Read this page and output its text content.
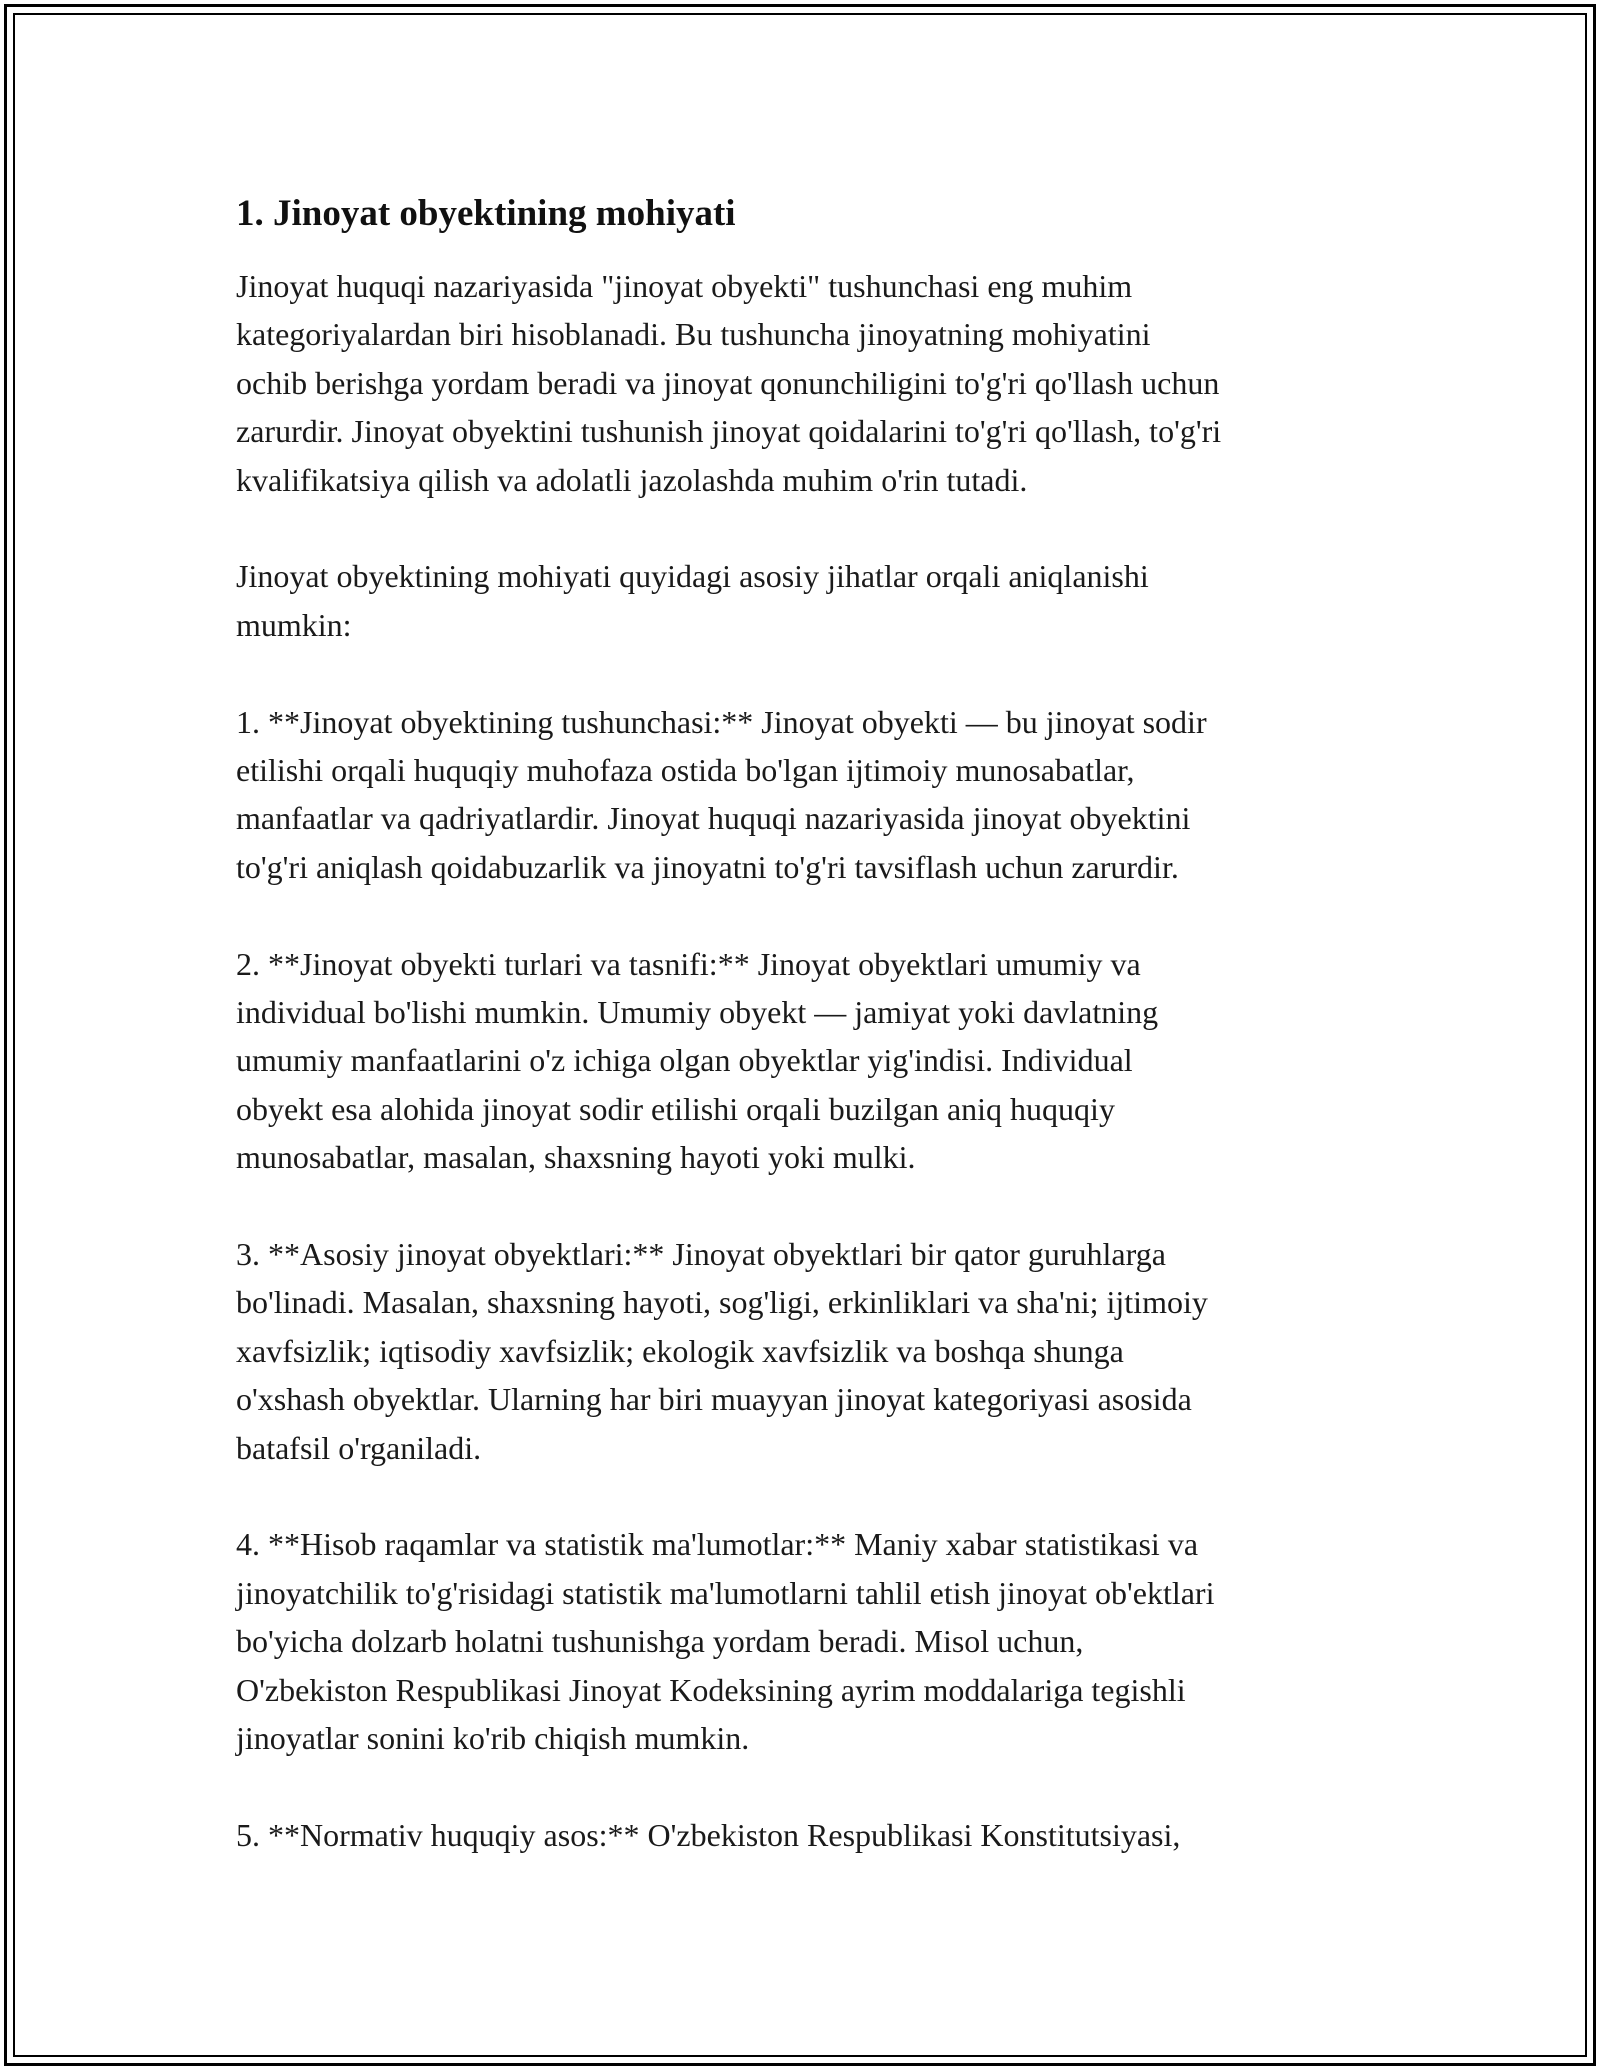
1. Jinoyat obyektining mohiyati

Jinoyat huquqi nazariyasida "jinoyat obyekti" tushunchasi eng muhim
kategoriyalardan biri hisoblanadi. Bu tushuncha jinoyatning mohiyatini
ochib berishga yordam beradi va jinoyat qonunchiligini to'g'ri qo'llash uchun
zarurdir. Jinoyat obyektini tushunish jinoyat qoidalarini to'g'ri qo'llash, to'g'ri
kvalifikatsiya qilish va adolatli jazolashda muhim o'rin tutadi.

Jinoyat obyektining mohiyati quyidagi asosiy jihatlar orqali aniqlanishi
mumkin:

1. **Jinoyat obyektining tushunchasi:** Jinoyat obyekti — bu jinoyat sodir
etilishi orqali huquqiy muhofaza ostida bo'lgan ijtimoiy munosabatlar,
manfaatlar va qadriyatlardir. Jinoyat huquqi nazariyasida jinoyat obyektini
to'g'ri aniqlash qoidabuzarlik va jinoyatni to'g'ri tavsiflash uchun zarurdir.

2. **Jinoyat obyekti turlari va tasnifi:** Jinoyat obyektlari umumiy va
individual bo'lishi mumkin. Umumiy obyekt — jamiyat yoki davlatning
umumiy manfaatlarini o'z ichiga olgan obyektlar yig'indisi. Individual
obyekt esa alohida jinoyat sodir etilishi orqali buzilgan aniq huquqiy
munosabatlar, masalan, shaxsning hayoti yoki mulki.

3. **Asosiy jinoyat obyektlari:** Jinoyat obyektlari bir qator guruhlarga
bo'linadi. Masalan, shaxsning hayoti, sog'ligi, erkinliklari va sha'ni; ijtimoiy
xavfsizlik; iqtisodiy xavfsizlik; ekologik xavfsizlik va boshqa shunga
o'xshash obyektlar. Ularning har biri muayyan jinoyat kategoriyasi asosida
batafsil o'rganiladi.

4. **Hisob raqamlar va statistik ma'lumotlar:** Maniy xabar statistikasi va
jinoyatchilik to'g'risidagi statistik ma'lumotlarni tahlil etish jinoyat ob'ektlari
bo'yicha dolzarb holatni tushunishga yordam beradi. Misol uchun,
O'zbekiston Respublikasi Jinoyat Kodeksining ayrim moddalariga tegishli
jinoyatlar sonini ko'rib chiqish mumkin.

5. **Normativ huquqiy asos:** O'zbekiston Respublikasi Konstitutsiyasi,
